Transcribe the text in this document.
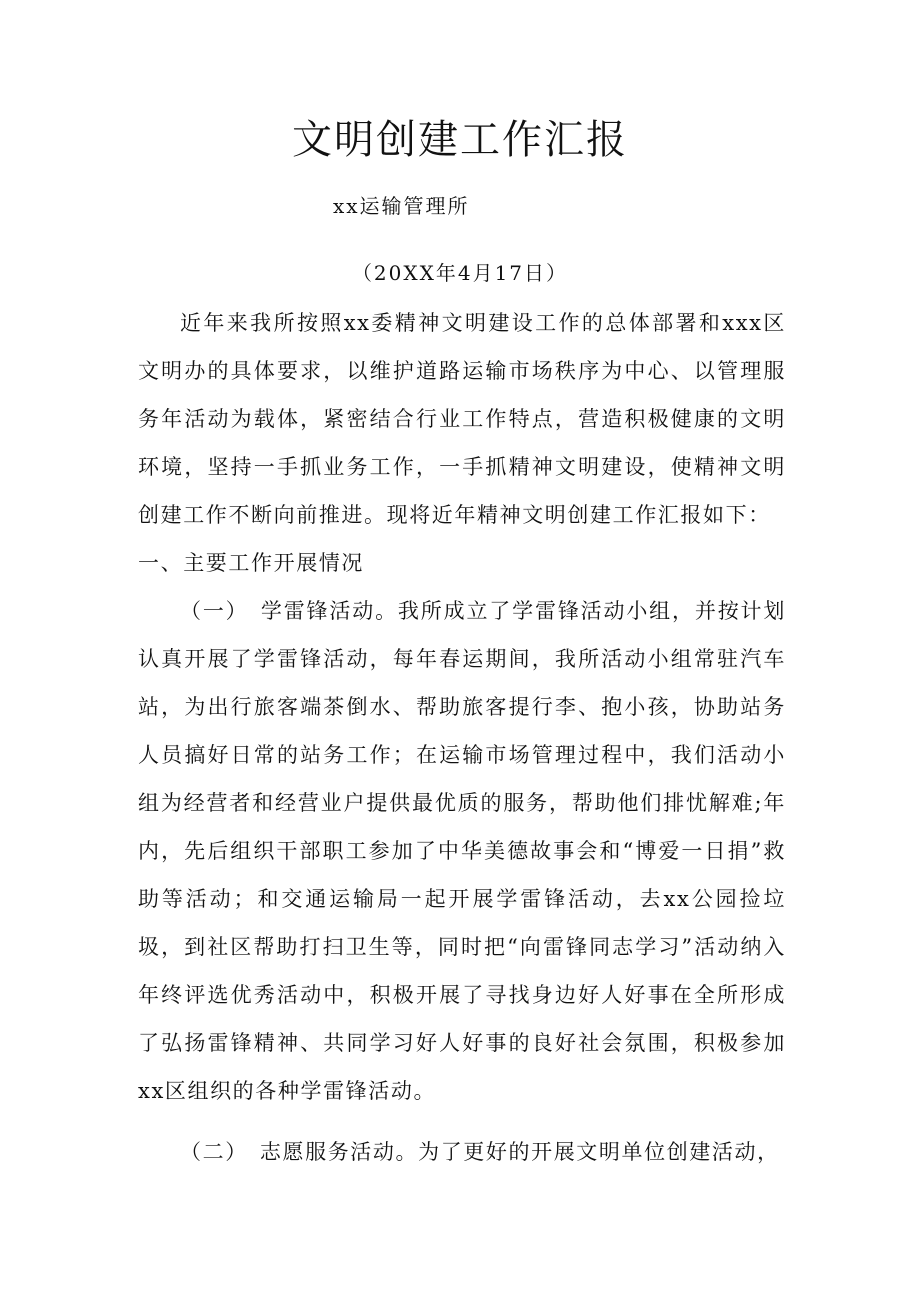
文明创建工作汇报

xx运输管理所

（20XX年4月17日）

近年来我所按照xx委精神文明建设工作的总体部署和xxx区文明办的具体要求，以维护道路运输市场秩序为中心、以管理服务年活动为载体，紧密结合行业工作特点，营造积极健康的文明环境，坚持一手抓业务工作，一手抓精神文明建设，使精神文明创建工作不断向前推进。现将近年精神文明创建工作汇报如下：

一、主要工作开展情况

（一）　学雷锋活动。我所成立了学雷锋活动小组，并按计划认真开展了学雷锋活动，每年春运期间，我所活动小组常驻汽车站，为出行旅客端茶倒水、帮助旅客提行李、抱小孩，协助站务人员搞好日常的站务工作；在运输市场管理过程中，我们活动小组为经营者和经营业户提供最优质的服务，帮助他们排忧解难;年内，先后组织干部职工参加了中华美德故事会和“博爱一日捐”救助等活动；和交通运输局一起开展学雷锋活动，去xx公园捡垃圾，到社区帮助打扫卫生等，同时把“向雷锋同志学习”活动纳入年终评选优秀活动中，积极开展了寻找身边好人好事在全所形成了弘扬雷锋精神、共同学习好人好事的良好社会氛围，积极参加xx区组织的各种学雷锋活动。

（二）　志愿服务活动。为了更好的开展文明单位创建活动，
